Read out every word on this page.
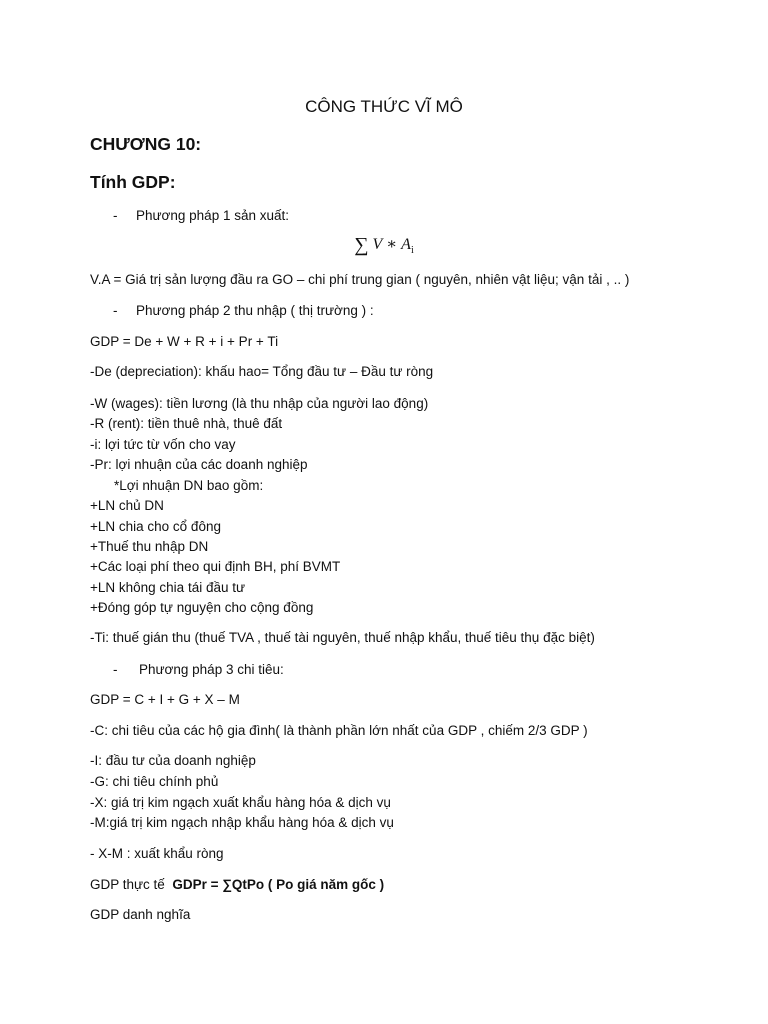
CÔNG THỨC VĨ MÔ
CHƯƠNG 10:
Tính GDP:
- Phương pháp 1 sản xuất:
∑ V ∗ $A_i$
V.A = Giá trị sản lượng đầu ra GO – chi phí trung gian ( nguyên, nhiên vật liệu; vận tải , .. )
- Phương pháp 2 thu nhập ( thị trường ) :
GDP = De + W + R + i + Pr + Ti
-De (depreciation): khấu hao= Tổng đầu tư – Đầu tư ròng
-W (wages): tiền lương (là thu nhập của người lao động)
-R (rent): tiền thuê nhà, thuê đất
-i: lợi tức từ vốn cho vay
-Pr: lợi nhuận của các doanh nghiệp
*Lợi nhuận DN bao gồm:
+LN chủ DN
+LN chia cho cổ đông
+Thuế thu nhập DN
+Các loại phí theo qui định BH, phí BVMT
+LN không chia tái đầu tư
+Đóng góp tự nguyện cho cộng đồng
-Ti: thuế gián thu (thuế TVA , thuế tài nguyên, thuế nhập khẩu, thuế tiêu thụ đặc biệt)
- Phương pháp 3 chi tiêu:
GDP = C + I + G + X – M
-C: chi tiêu của các hộ gia đình( là thành phần lớn nhất của GDP , chiếm 2/3 GDP )
-I: đầu tư của doanh nghiệp
-G: chi tiêu chính phủ
-X: giá trị kim ngạch xuất khẩu hàng hóa & dịch vụ
-M:giá trị kim ngạch nhập khẩu hàng hóa & dịch vụ
- X-M : xuất khẩu ròng
GDP thực tế GDPr = ∑QtPo ( Po giá năm gốc )
GDP danh nghĩa
